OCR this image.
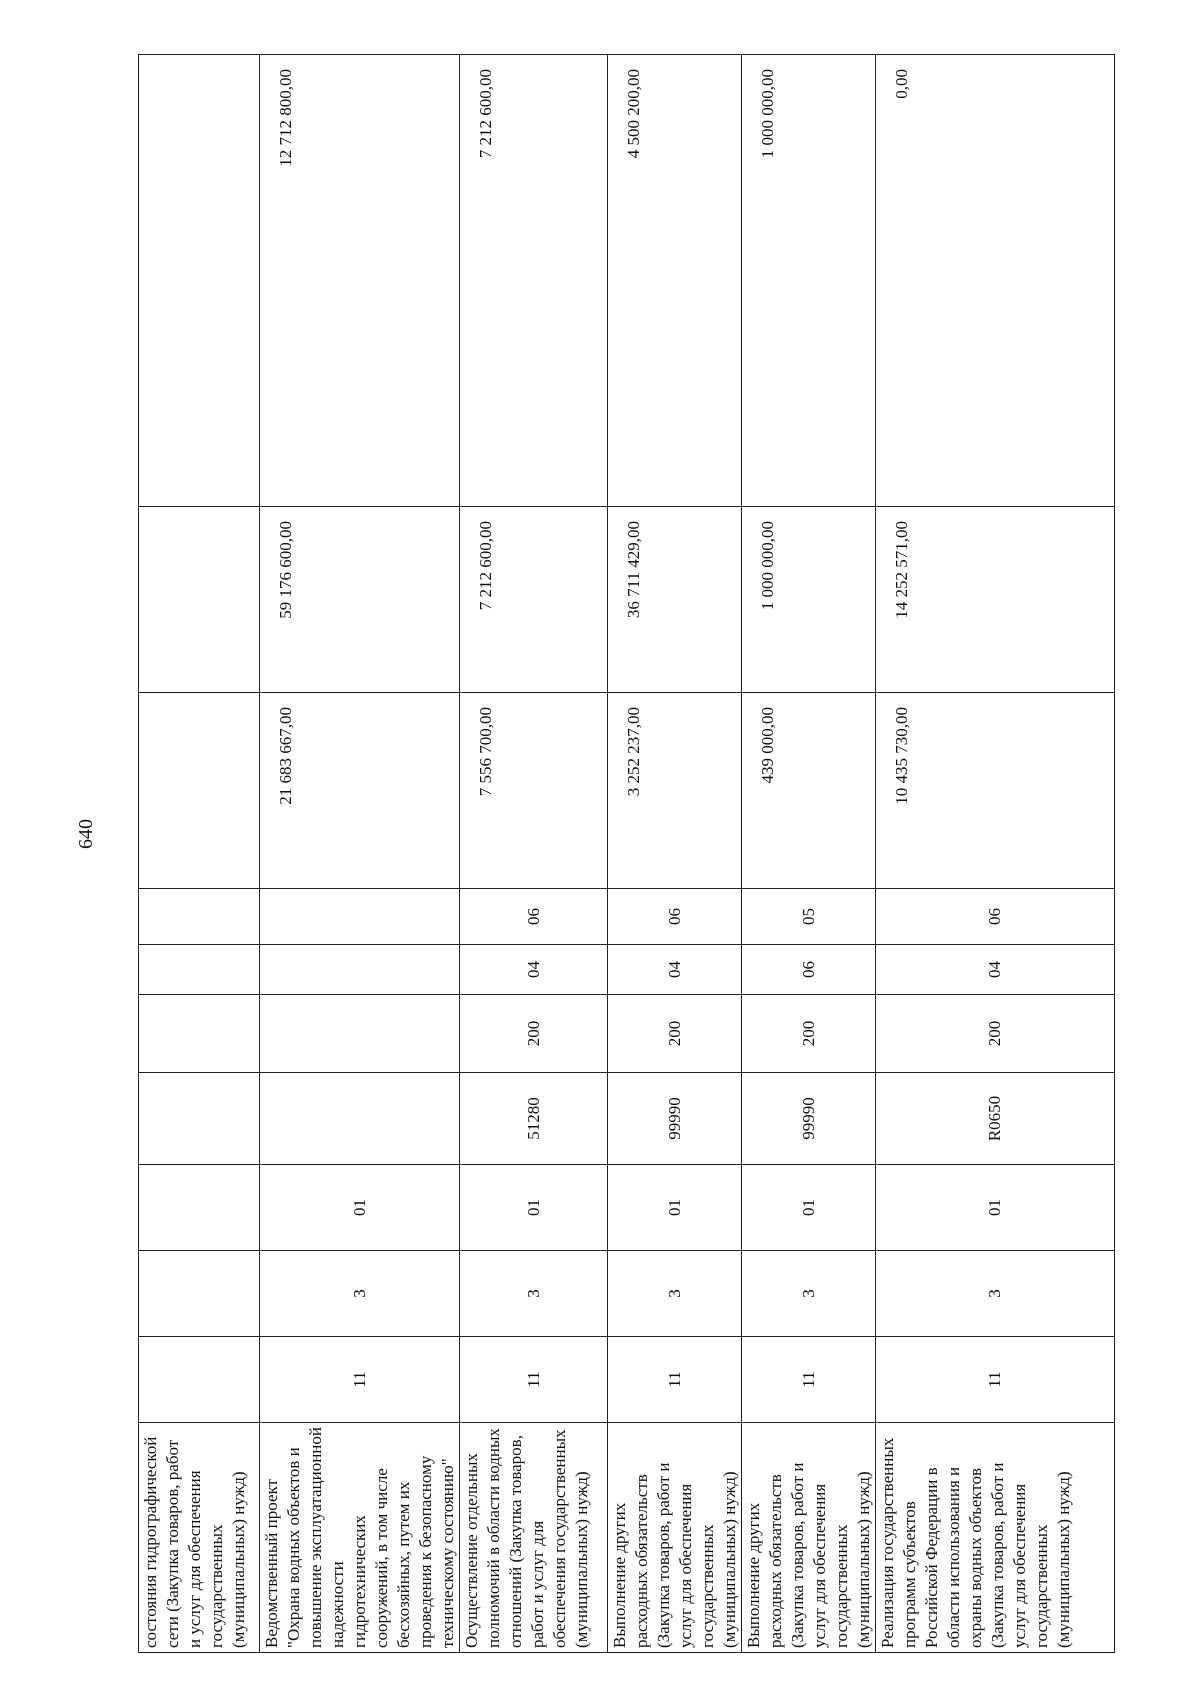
640
состояния гидрографической сети (Закупка товаров, работ и услуг для обеспечения государственных (муниципальных) нужд)										
Ведомственный проект "Охрана водных объектов и повышение эксплуатационной надежности гидротехнических сооружений, в том числе бесхозяйных, путем их проведения к безопасному техническому состоянию"	11	3	01					21 683 667,00	59 176 600,00	12 712 800,00
Осуществление отдельных полномочий в области водных отношений (Закупка товаров, работ и услуг для обеспечения государственных (муниципальных) нужд)	11	3	01	51280	200	04	06	7 556 700,00	7 212 600,00	7 212 600,00
Выполнение других расходных обязательств (Закупка товаров, работ и услуг для обеспечения государственных (муниципальных) нужд)	11	3	01	99990	200	04	06	3 252 237,00	36 711 429,00	4 500 200,00
Выполнение других расходных обязательств (Закупка товаров, работ и услуг для обеспечения государственных (муниципальных) нужд)	11	3	01	99990	200	06	05	439 000,00	1 000 000,00	1 000 000,00
Реализация государственных программ субъектов Российской Федерации в области использования и охраны водных объектов (Закупка товаров, работ и услуг для обеспечения государственных (муниципальных) нужд)	11	3	01	R0650	200	04	06	10 435 730,00	14 252 571,00	0,00
